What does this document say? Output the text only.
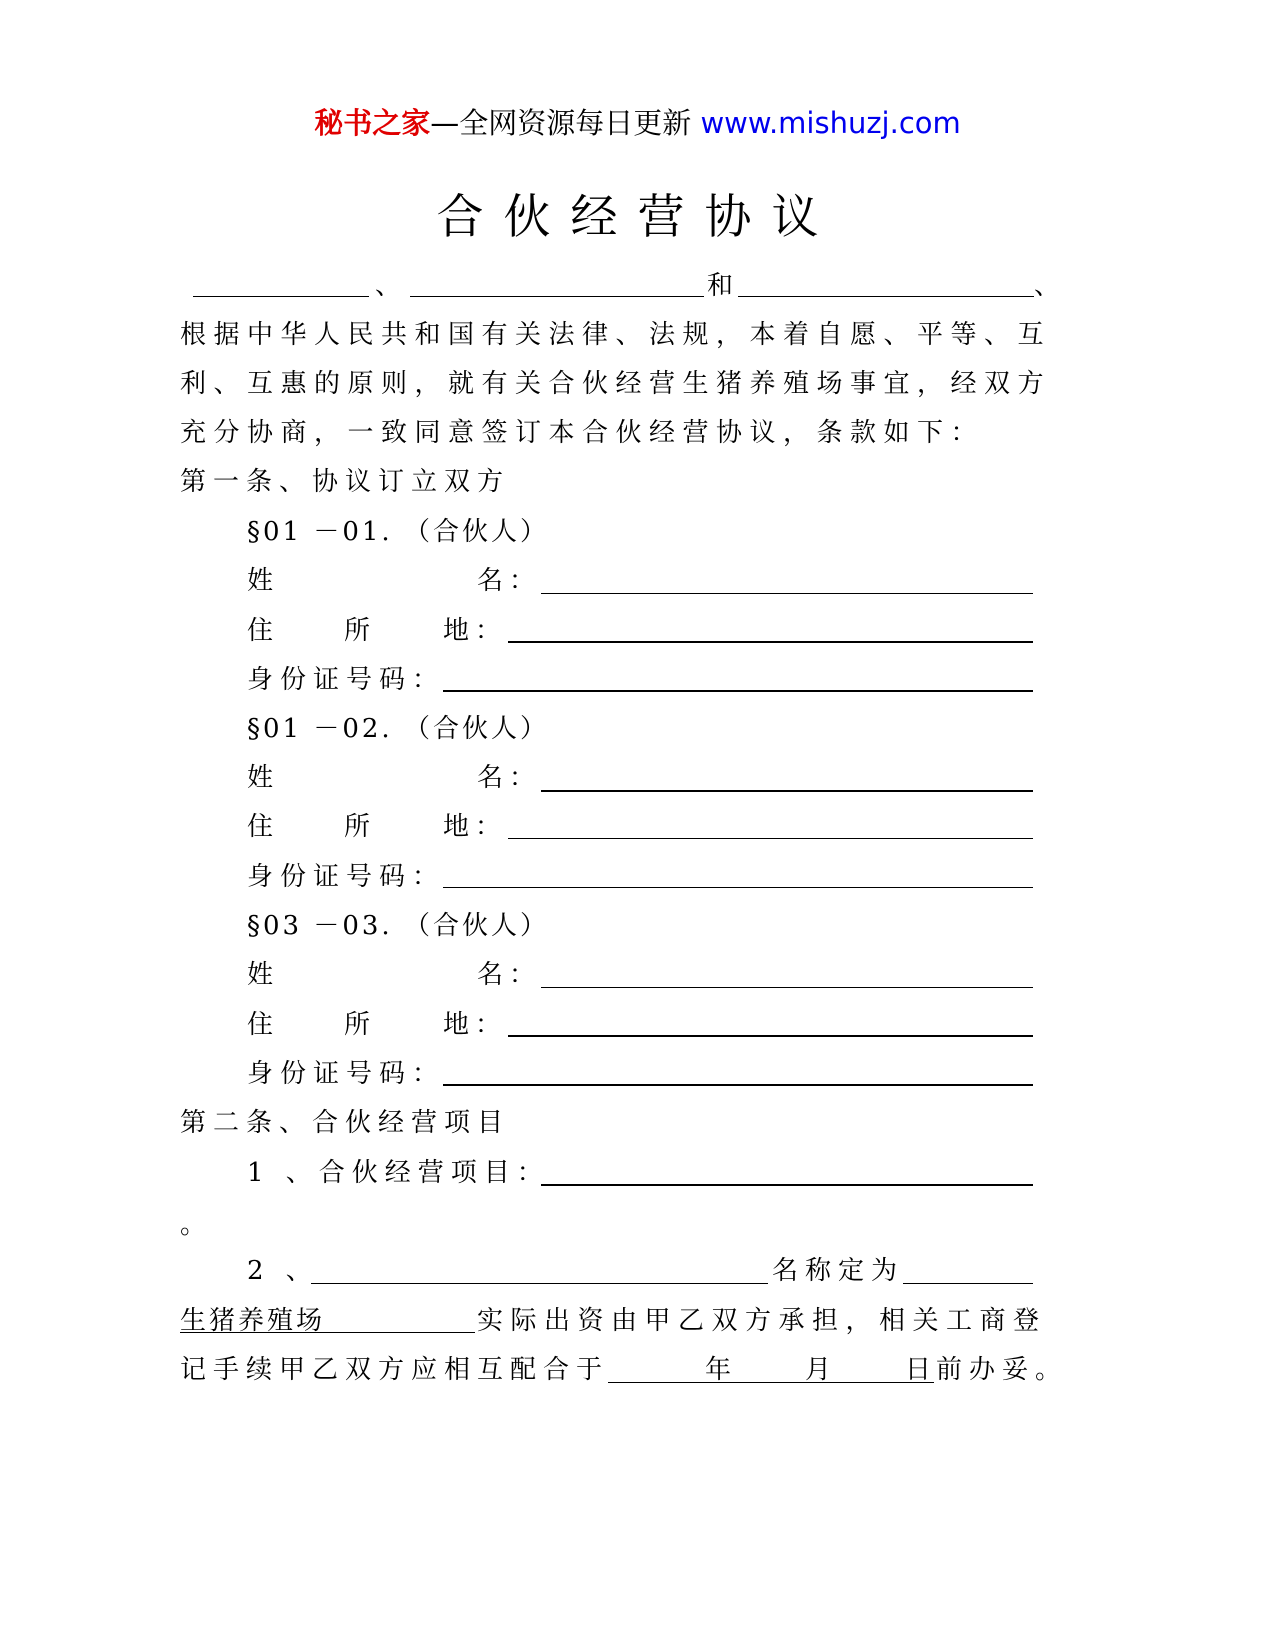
秘书之家—全网资源每日更新 www.mishuzj.com
合伙经营协议
、	和	、
根据中华人民共和国有关法律、法规，本着自愿、平等、互
利、互惠的原则，就有关合伙经营生猪养殖场事宜，经双方
充分协商，一致同意签订本合伙经营协议，条款如下：
第一条、协议订立双方
§01 －01. （合伙人）
姓	名：
住	所	地：
身份证号码：
§01 －02. （合伙人）
姓	名：
住	所	地：
身份证号码：
§03 －03. （合伙人）
姓	名：
住	所	地：
身份证号码：
第二条、合伙经营项目
1 、合伙经营项目：
。
2 、	名称定为
生猪养殖场	实际出资由甲乙双方承担，相关工商登
记手续甲乙双方应相互配合于	年	月	日 前办妥。
